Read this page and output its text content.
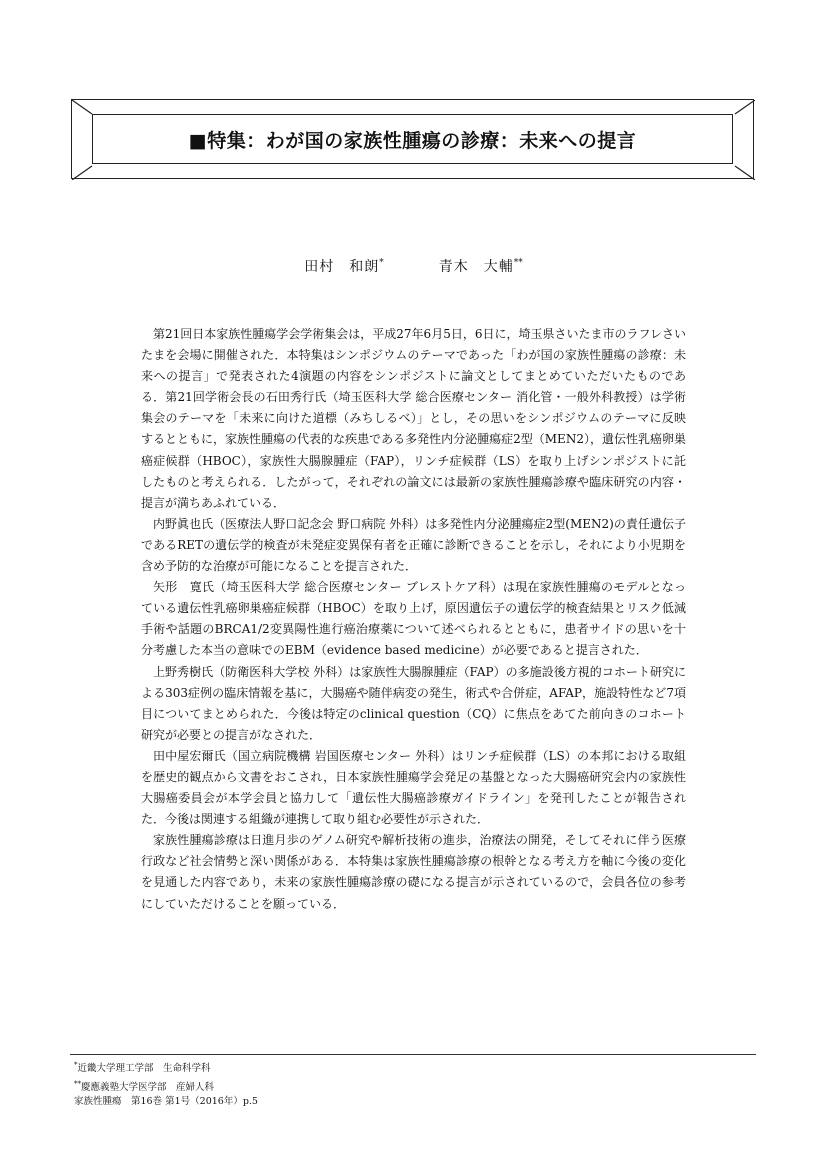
■特集：わが国の家族性腫瘍の診療：未来への提言
田村　和朗*	青木　大輔**

第21回日本家族性腫瘍学会学術集会は，平成27年6月5日，6日に，埼玉県さいたま市のラフレさいたまを会場に開催された．本特集はシンポジウムのテーマであった「わが国の家族性腫瘍の診療：未来への提言」で発表された4演題の内容をシンポジストに論文としてまとめていただいたものである．第21回学術会長の石田秀行氏（埼玉医科大学 総合医療センター 消化管・一般外科教授）は学術集会のテーマを「未来に向けた道標（みちしるべ）」とし，その思いをシンポジウムのテーマに反映するとともに，家族性腫瘍の代表的な疾患である多発性内分泌腫瘍症2型（MEN2），遺伝性乳癌卵巣癌症候群（HBOC），家族性大腸腺腫症（FAP），リンチ症候群（LS）を取り上げシンポジストに託したものと考えられる．したがって，それぞれの論文には最新の家族性腫瘍診療や臨床研究の内容・提言が満ちあふれている．

内野眞也氏（医療法人野口記念会 野口病院 外科）は多発性内分泌腫瘍症2型(MEN2)の責任遺伝子であるRETの遺伝学的検査が未発症変異保有者を正確に診断できることを示し，それにより小児期を含め予防的な治療が可能になることを提言された．

矢形　寛氏（埼玉医科大学 総合医療センター ブレストケア科）は現在家族性腫瘍のモデルとなっている遺伝性乳癌卵巣癌症候群（HBOC）を取り上げ，原因遺伝子の遺伝学的検査結果とリスク低減手術や話題のBRCA1/2変異陽性進行癌治療薬について述べられるとともに，患者サイドの思いを十分考慮した本当の意味でのEBM（evidence based medicine）が必要であると提言された．

上野秀樹氏（防衛医科大学校 外科）は家族性大腸腺腫症（FAP）の多施設後方視的コホート研究による303症例の臨床情報を基に，大腸癌や随伴病変の発生，術式や合併症，AFAP，施設特性など7項目についてまとめられた．今後は特定のclinical question（CQ）に焦点をあてた前向きのコホート研究が必要との提言がなされた．

田中屋宏爾氏（国立病院機構 岩国医療センター 外科）はリンチ症候群（LS）の本邦における取組を歴史的観点から文書をおこされ，日本家族性腫瘍学会発足の基盤となった大腸癌研究会内の家族性大腸癌委員会が本学会員と協力して「遺伝性大腸癌診療ガイドライン」を発刊したことが報告された．今後は関連する組織が連携して取り組む必要性が示された．

家族性腫瘍診療は日進月歩のゲノム研究や解析技術の進歩，治療法の開発，そしてそれに伴う医療行政など社会情勢と深い関係がある．本特集は家族性腫瘍診療の根幹となる考え方を軸に今後の変化を見通した内容であり，未来の家族性腫瘍診療の礎になる提言が示されているので，会員各位の参考にしていただけることを願っている．

*近畿大学理工学部　生命科学科
**慶應義塾大学医学部　産婦人科
家族性腫瘍　第16巻 第1号（2016年）p.5
